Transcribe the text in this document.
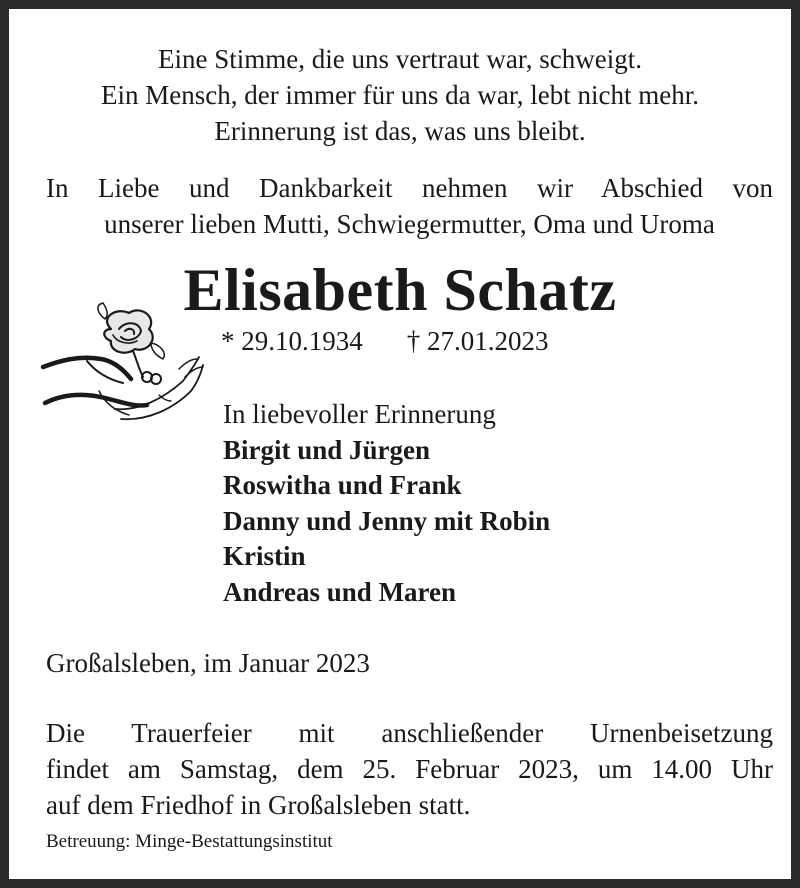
Eine Stimme, die uns vertraut war, schweigt.
Ein Mensch, der immer für uns da war, lebt nicht mehr.
Erinnerung ist das, was uns bleibt.
In Liebe und Dankbarkeit nehmen wir Abschied von
unserer lieben Mutti, Schwiegermutter, Oma und Uroma
Elisabeth Schatz
* 29.10.1934 † 27.01.2023
In liebevoller Erinnerung
Birgit und Jürgen
Roswitha und Frank
Danny und Jenny mit Robin
Kristin
Andreas und Maren
Großalsleben, im Januar 2023
Die Trauerfeier mit anschließender Urnenbeisetzung
findet am Samstag, dem 25. Februar 2023, um 14.00 Uhr
auf dem Friedhof in Großalsleben statt.
Betreuung: Minge-Bestattungsinstitut
